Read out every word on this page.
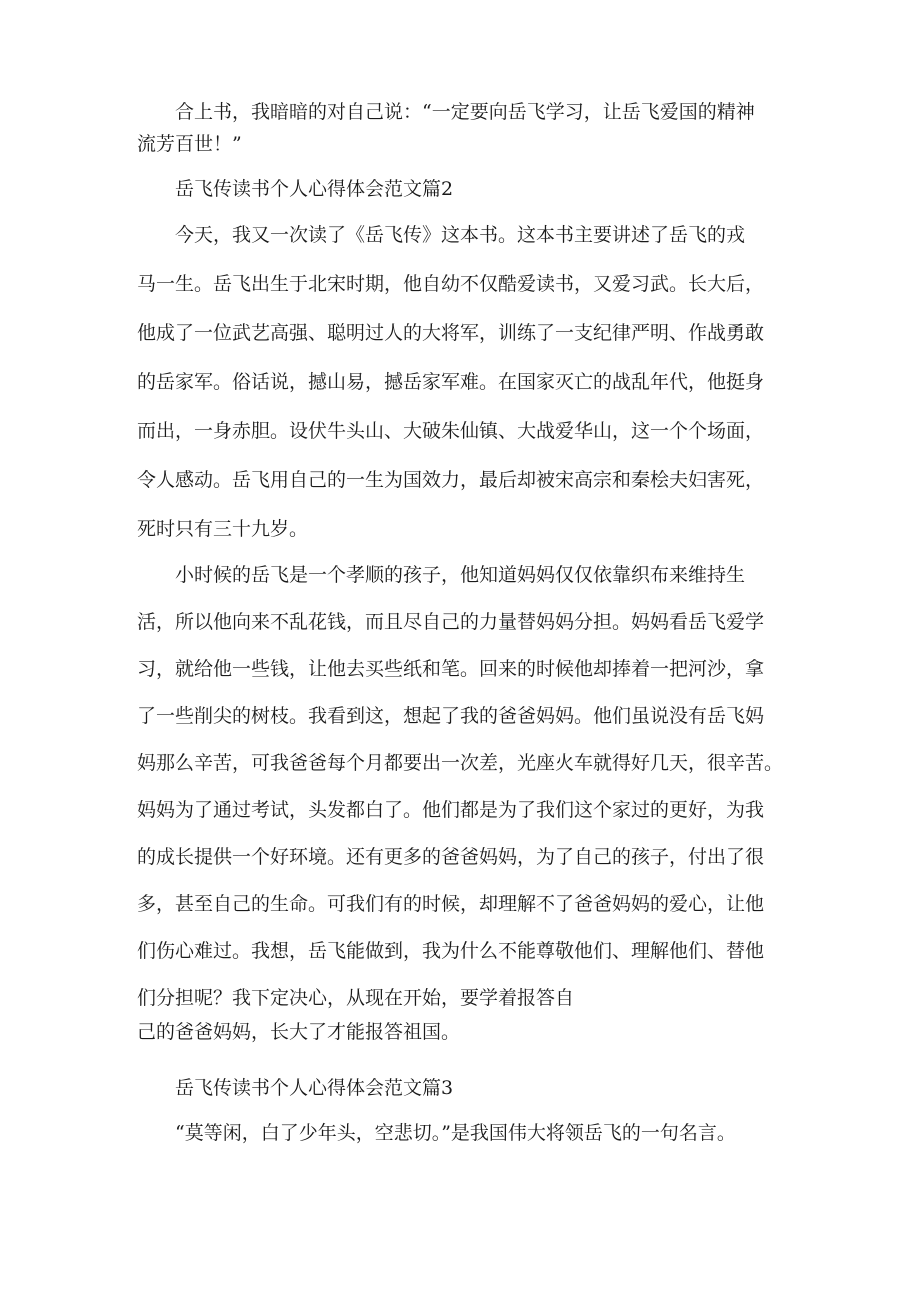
合上书，我暗暗的对自己说：“一定要向岳飞学习，让岳飞爱国的精神
流芳百世！”
岳飞传读书个人心得体会范文篇2
今天，我又一次读了《岳飞传》这本书。这本书主要讲述了岳飞的戎
马一生。岳飞出生于北宋时期，他自幼不仅酷爱读书，又爱习武。长大后，
他成了一位武艺高强、聪明过人的大将军，训练了一支纪律严明、作战勇敢
的岳家军。俗话说，撼山易，撼岳家军难。在国家灭亡的战乱年代，他挺身
而出，一身赤胆。设伏牛头山、大破朱仙镇、大战爱华山，这一个个场面，
令人感动。岳飞用自己的一生为国效力，最后却被宋高宗和秦桧夫妇害死，
死时只有三十九岁。
小时候的岳飞是一个孝顺的孩子，他知道妈妈仅仅依靠织布来维持生
活，所以他向来不乱花钱，而且尽自己的力量替妈妈分担。妈妈看岳飞爱学
习，就给他一些钱，让他去买些纸和笔。回来的时候他却捧着一把河沙，拿
了一些削尖的树枝。我看到这，想起了我的爸爸妈妈。他们虽说没有岳飞妈
妈那么辛苦，可我爸爸每个月都要出一次差，光座火车就得好几天，很辛苦。
妈妈为了通过考试，头发都白了。他们都是为了我们这个家过的更好，为我
的成长提供一个好环境。还有更多的爸爸妈妈，为了自己的孩子，付出了很
多，甚至自己的生命。可我们有的时候，却理解不了爸爸妈妈的爱心，让他
们伤心难过。我想，岳飞能做到，我为什么不能尊敬他们、理解他们、替他
们分担呢？我下定决心，从现在开始，要学着报答自
己的爸爸妈妈，长大了才能报答祖国。
岳飞传读书个人心得体会范文篇3
“莫等闲，白了少年头，空悲切。”是我国伟大将领岳飞的一句名言。
